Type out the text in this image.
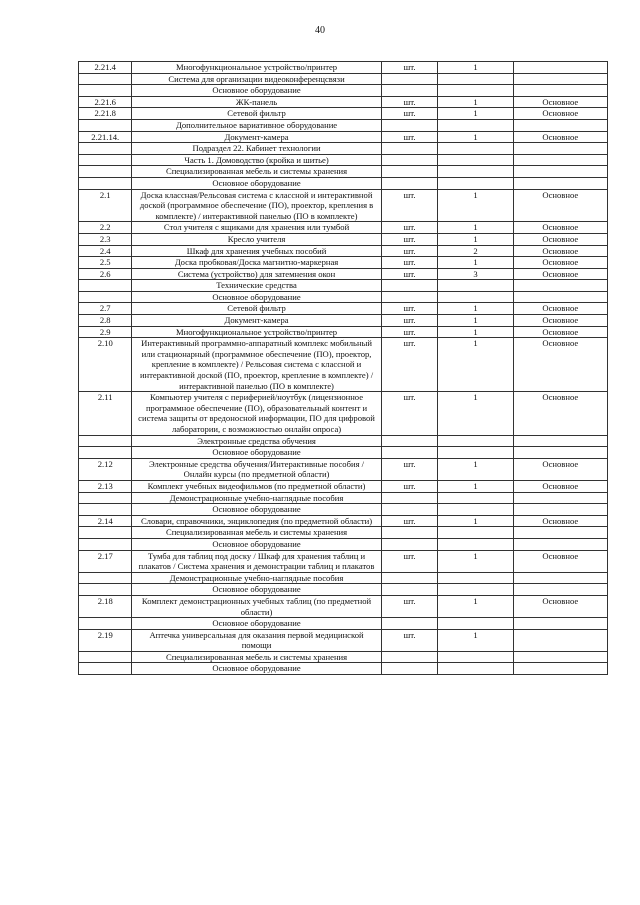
40
2.21.4	Многофункциональное устройство/принтер	шт.	1	
	Система для организации видеоконференцсвязи			
	Основное оборудование			
2.21.6	ЖК-панель	шт.	1	Основное
2.21.8	Сетевой фильтр	шт.	1	Основное
	Дополнительное вариативное оборудование			
2.21.14.	Документ-камера	шт.	1	Основное
	Подраздел 22. Кабинет технологии			
	Часть 1. Домоводство (кройка и шитье)			
	Специализированная мебель и системы хранения			
	Основное оборудование			
2.1	Доска классная/Рельсовая система с классной и интерактивной доской (программное обеспечение (ПО), проектор, крепления в комплекте) / интерактивной панелью (ПО в комплекте)	шт.	1	Основное
2.2	Стол учителя с ящиками для хранения или тумбой	шт.	1	Основное
2.3	Кресло учителя	шт.	1	Основное
2.4	Шкаф для хранения учебных пособий	шт.	2	Основное
2.5	Доска пробковая/Доска магнитно-маркерная	шт.	1	Основное
2.6	Система (устройство) для затемнения окон	шт.	3	Основное
	Технические средства			
	Основное оборудование			
2.7	Сетевой фильтр	шт.	1	Основное
2.8	Документ-камера	шт.	1	Основное
2.9	Многофункциональное устройство/принтер	шт.	1	Основное
2.10	Интерактивный программно-аппаратный комплекс мобильный или стационарный (программное обеспечение (ПО), проектор, крепление в комплекте) / Рельсовая система с классной и интерактивной доской (ПО, проектор, крепление в комплекте) / интерактивной панелью (ПО в комплекте)	шт.	1	Основное
2.11	Компьютер учителя с периферией/ноутбук (лицензионное программное обеспечение (ПО), образовательный контент и система защиты от вредоносной информации, ПО для цифровой лаборатории, с возможностью онлайн опроса)	шт.	1	Основное
	Электронные средства обучения			
	Основное оборудование			
2.12	Электронные средства обучения/Интерактивные пособия / Онлайн курсы (по предметной области)	шт.	1	Основное
2.13	Комплект учебных видеофильмов (по предметной области)	шт.	1	Основное
	Демонстрационные учебно-наглядные пособия			
	Основное оборудование			
2.14	Словари, справочники, энциклопедия (по предметной области)	шт.	1	Основное
	Специализированная мебель и системы хранения			
	Основное оборудование			
2.17	Тумба для таблиц под доску / Шкаф для хранения таблиц и плакатов / Система хранения и демонстрации таблиц и плакатов	шт.	1	Основное
	Демонстрационные учебно-наглядные пособия			
	Основное оборудование			
2.18	Комплект демонстрационных учебных таблиц (по предметной области)	шт.	1	Основное
	Основное оборудование			
2.19	Аптечка универсальная для оказания первой медицинской помощи	шт.	1	
	Специализированная мебель и системы хранения			
	Основное оборудование			
